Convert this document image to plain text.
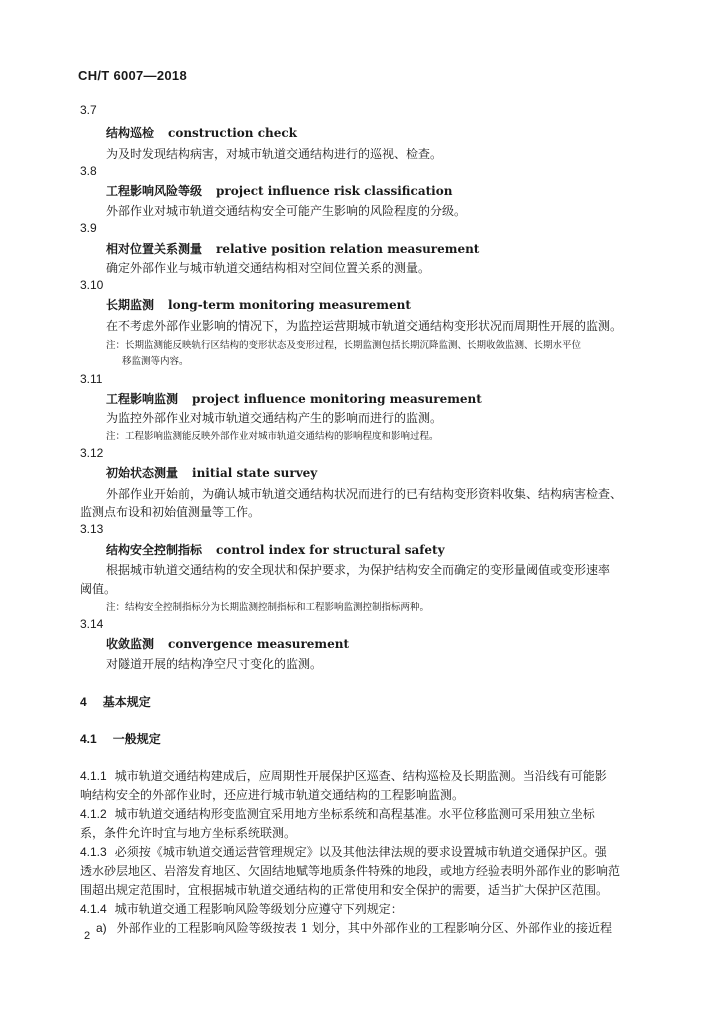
CH/T 6007—2018
3.7
结构巡检 construction check
为及时发现结构病害，对城市轨道交通结构进行的巡视、检查。
3.8
工程影响风险等级 project influence risk classification
外部作业对城市轨道交通结构安全可能产生影响的风险程度的分级。
3.9
相对位置关系测量 relative position relation measurement
确定外部作业与城市轨道交通结构相对空间位置关系的测量。
3.10
长期监测 long-term monitoring measurement
在不考虑外部作业影响的情况下，为监控运营期城市轨道交通结构变形状况而周期性开展的监测。
注：长期监测能反映轨行区结构的变形状态及变形过程，长期监测包括长期沉降监测、长期收敛监测、长期水平位
移监测等内容。
3.11
工程影响监测 project influence monitoring measurement
为监控外部作业对城市轨道交通结构产生的影响而进行的监测。
注：工程影响监测能反映外部作业对城市轨道交通结构的影响程度和影响过程。
3.12
初始状态测量 initial state survey
外部作业开始前，为确认城市轨道交通结构状况而进行的已有结构变形资料收集、结构病害检查、
监测点布设和初始值测量等工作。
3.13
结构安全控制指标 control index for structural safety
根据城市轨道交通结构的安全现状和保护要求，为保护结构安全而确定的变形量阈值或变形速率
阈值。
注：结构安全控制指标分为长期监测控制指标和工程影响监测控制指标两种。
3.14
收敛监测 convergence measurement
对隧道开展的结构净空尺寸变化的监测。
4 基本规定
4.1 一般规定
4.1.1 城市轨道交通结构建成后，应周期性开展保护区巡查、结构巡检及长期监测。当沿线有可能影
响结构安全的外部作业时，还应进行城市轨道交通结构的工程影响监测。
4.1.2 城市轨道交通结构形变监测宜采用地方坐标系统和高程基准。水平位移监测可采用独立坐标
系，条件允许时宜与地方坐标系统联测。
4.1.3 必须按《城市轨道交通运营管理规定》以及其他法律法规的要求设置城市轨道交通保护区。强
透水砂层地区、岩溶发育地区、欠固结地赋等地质条件特殊的地段，或地方经验表明外部作业的影响范
围超出规定范围时，宜根据城市轨道交通结构的正常使用和安全保护的需要，适当扩大保护区范围。
4.1.4 城市轨道交通工程影响风险等级划分应遵守下列规定：
a) 外部作业的工程影响风险等级按表 1 划分，其中外部作业的工程影响分区、外部作业的接近程
2
